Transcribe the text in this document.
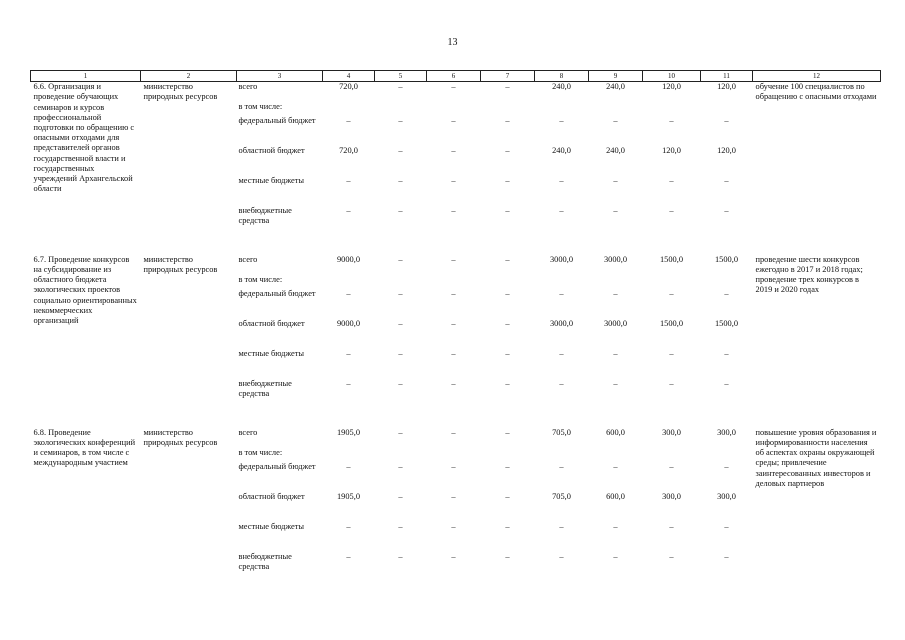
13
1	2	3	4	5	6	7	8	9	10	11	12
6.6. Организация и проведение обучающих семинаров и курсов профессиональной подготовки по обращению с опасными отходами для представителей органов государственной власти и государственных учреждений Архангельской области	министерство природных ресурсов	всего	720,0	–	–	–	240,0	240,0	120,0	120,0	обучение 100 специалистов по обращению с опасными отходами
		в том числе:									
		федеральный бюджет	–	–	–	–	–	–	–	–	
		областной бюджет	720,0	–	–	–	240,0	240,0	120,0	120,0	
		местные бюджеты	–	–	–	–	–	–	–	–	
		внебюджетные средства	–	–	–	–	–	–	–	–	

6.7. Проведение конкурсов на субсидирование из областного бюджета экологических проектов социально ориентированных некоммерческих организаций	министерство природных ресурсов	всего	9000,0	–	–	–	3000,0	3000,0	1500,0	1500,0	проведение шести конкурсов ежегодно в 2017 и 2018 годах; проведение трех конкурсов в 2019 и 2020 годах
		в том числе:									
		федеральный бюджет	–	–	–	–	–	–	–	–	
		областной бюджет	9000,0	–	–	–	3000,0	3000,0	1500,0	1500,0	
		местные бюджеты	–	–	–	–	–	–	–	–	
		внебюджетные средства	–	–	–	–	–	–	–	–	

6.8. Проведение экологических конференций и семинаров, в том числе с международным участием	министерство природных ресурсов	всего	1905,0	–	–	–	705,0	600,0	300,0	300,0	повышение уровня образования и информированности населения об аспектах охраны окружающей среды; привлечение заинтересованных инвесторов и деловых партнеров
		в том числе:									
		федеральный бюджет	–	–	–	–	–	–	–	–	
		областной бюджет	1905,0	–	–	–	705,0	600,0	300,0	300,0	
		местные бюджеты	–	–	–	–	–	–	–	–	
		внебюджетные средства	–	–	–	–	–	–	–	–	
